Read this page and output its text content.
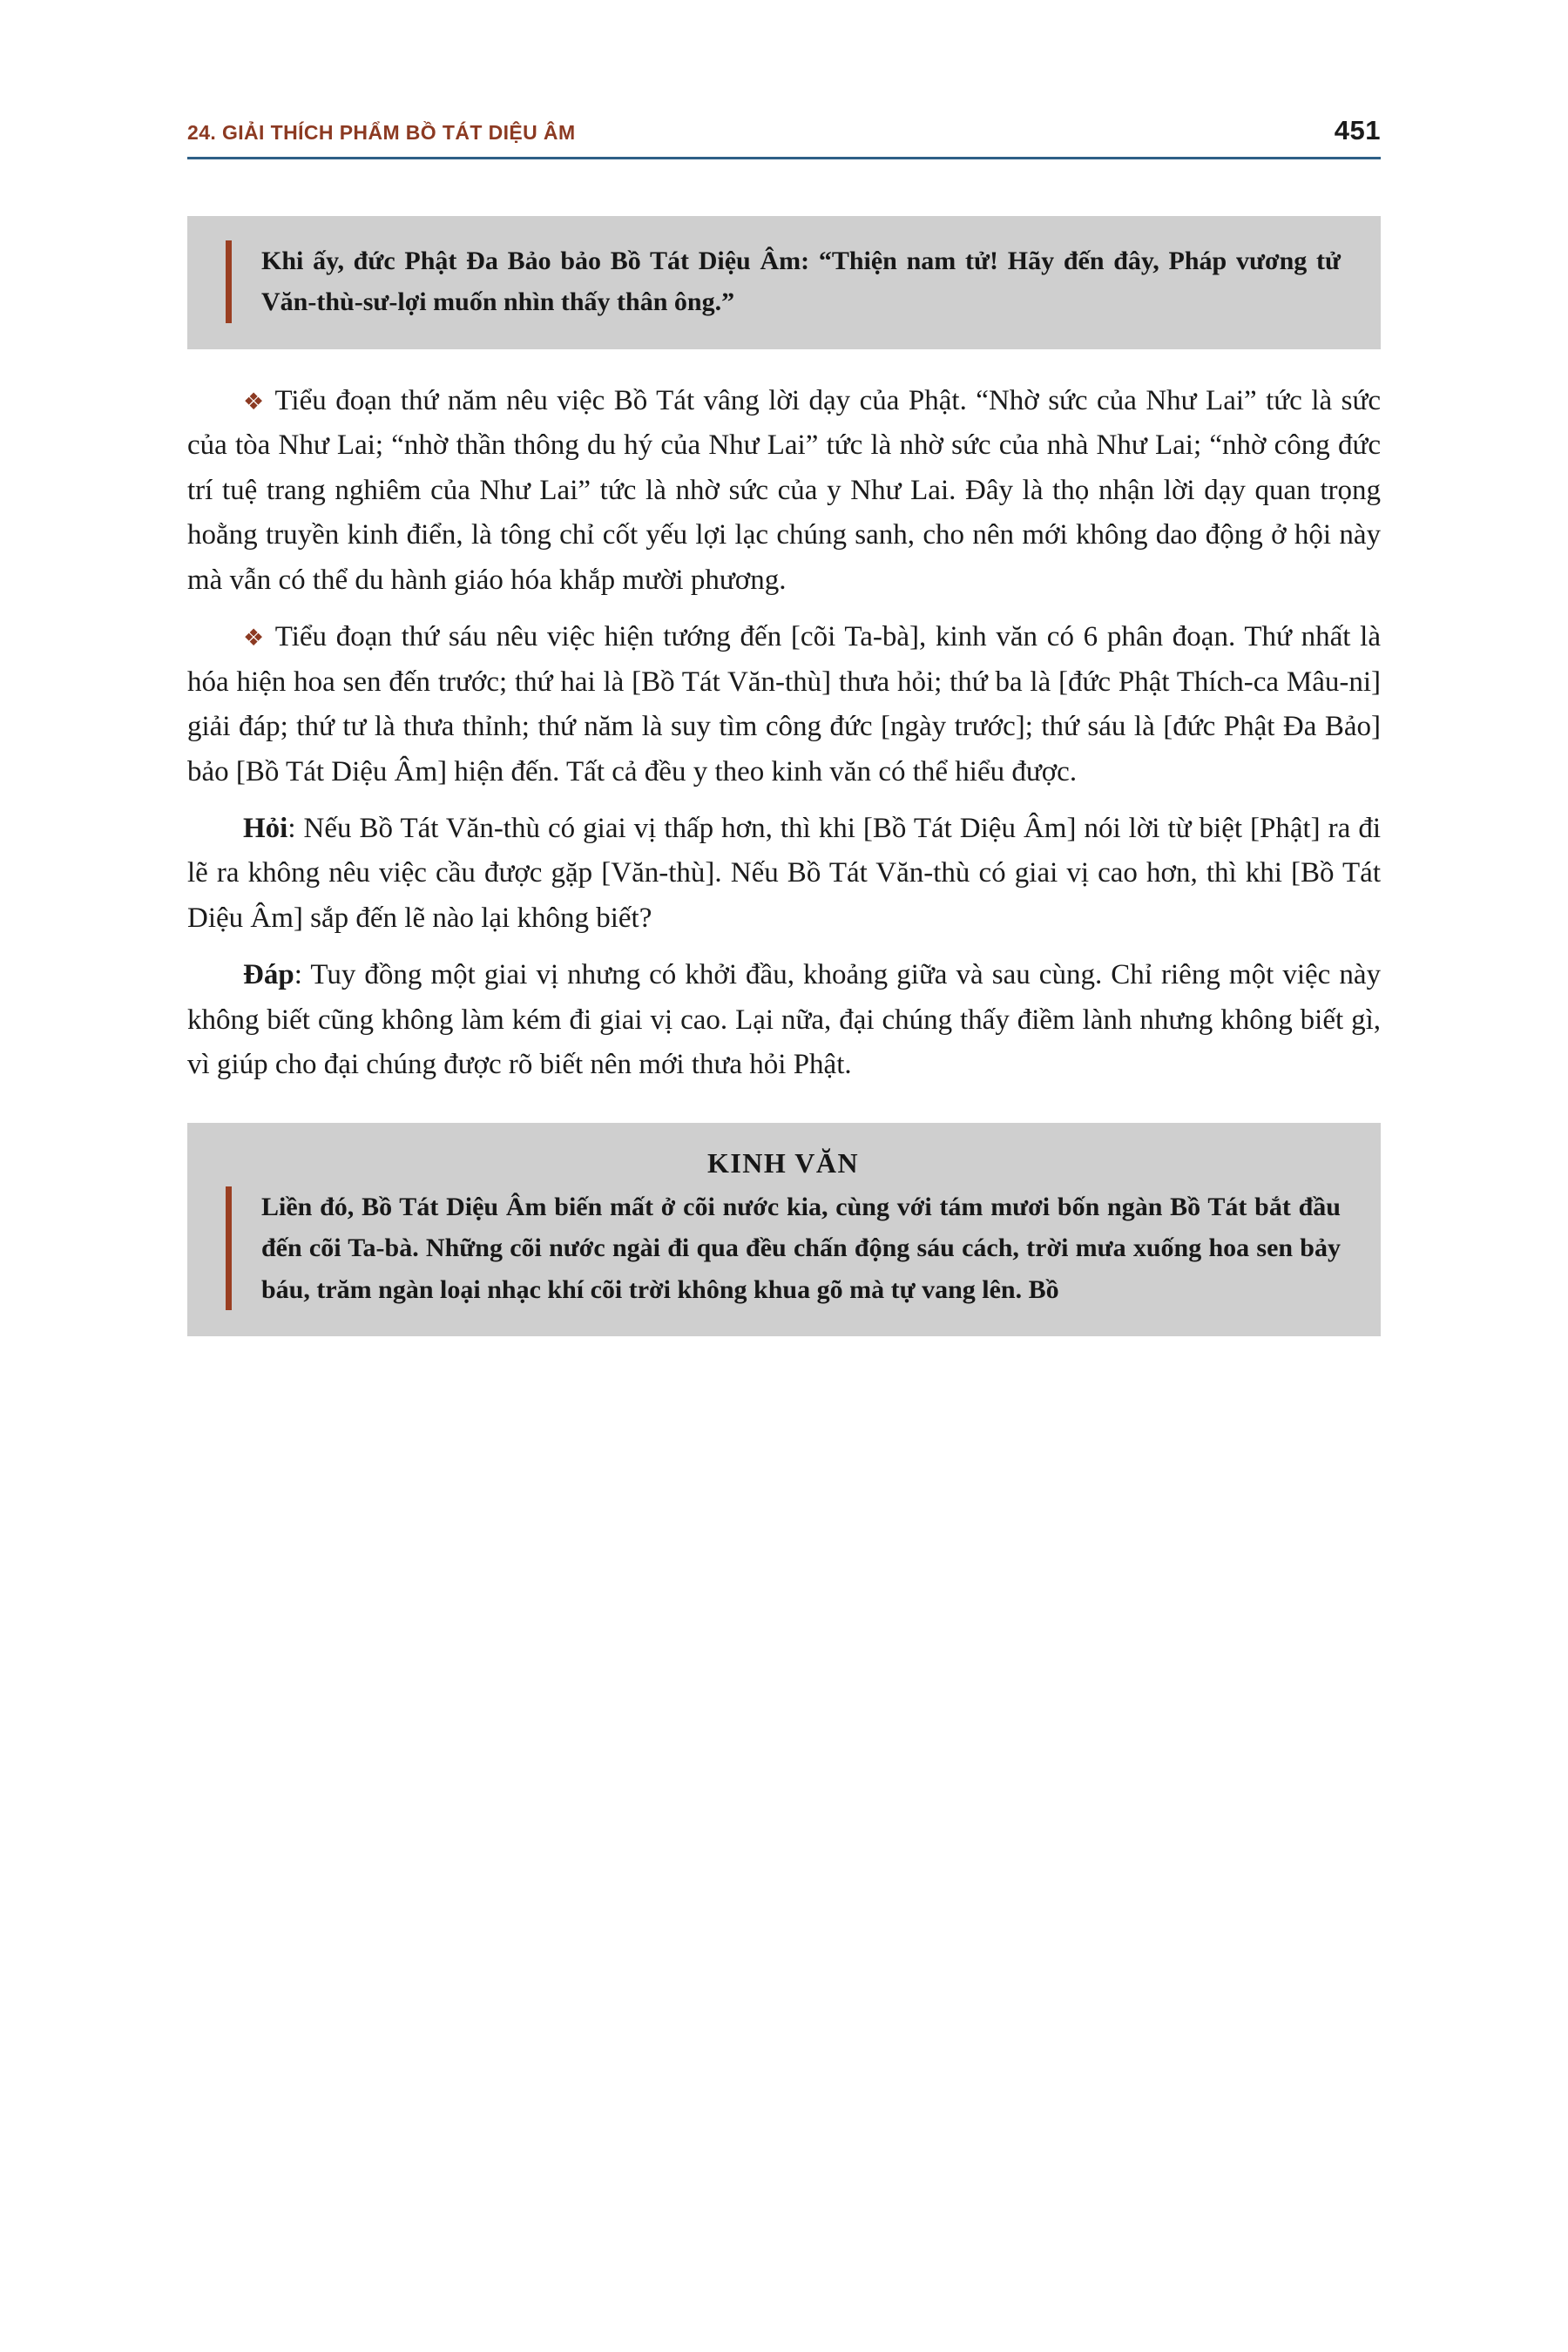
24. GIẢI THÍCH PHẨM BỒ TÁT DIỆU ÂM	451
Khi ấy, đức Phật Đa Bảo bảo Bồ Tát Diệu Âm: “Thiện nam tử! Hãy đến đây, Pháp vương tử Văn-thù-sư-lợi muốn nhìn thấy thân ông.”

❖ Tiểu đoạn thứ năm nêu việc Bồ Tát vâng lời dạy của Phật. “Nhờ sức của Như Lai” tức là sức của tòa Như Lai; “nhờ thần thông du hý của Như Lai” tức là nhờ sức của nhà Như Lai; “nhờ công đức trí tuệ trang nghiêm của Như Lai” tức là nhờ sức của y Như Lai. Đây là thọ nhận lời dạy quan trọng hoằng truyền kinh điển, là tông chỉ cốt yếu lợi lạc chúng sanh, cho nên mới không dao động ở hội này mà vẫn có thể du hành giáo hóa khắp mười phương.

❖ Tiểu đoạn thứ sáu nêu việc hiện tướng đến [cõi Ta-bà], kinh văn có 6 phân đoạn. Thứ nhất là hóa hiện hoa sen đến trước; thứ hai là [Bồ Tát Văn-thù] thưa hỏi; thứ ba là [đức Phật Thích-ca Mâu-ni] giải đáp; thứ tư là thưa thỉnh; thứ năm là suy tìm công đức [ngày trước]; thứ sáu là [đức Phật Đa Bảo] bảo [Bồ Tát Diệu Âm] hiện đến. Tất cả đều y theo kinh văn có thể hiểu được.

Hỏi: Nếu Bồ Tát Văn-thù có giai vị thấp hơn, thì khi [Bồ Tát Diệu Âm] nói lời từ biệt [Phật] ra đi lẽ ra không nêu việc cầu được gặp [Văn-thù]. Nếu Bồ Tát Văn-thù có giai vị cao hơn, thì khi [Bồ Tát Diệu Âm] sắp đến lẽ nào lại không biết?

Đáp: Tuy đồng một giai vị nhưng có khởi đầu, khoảng giữa và sau cùng. Chỉ riêng một việc này không biết cũng không làm kém đi giai vị cao. Lại nữa, đại chúng thấy điềm lành nhưng không biết gì, vì giúp cho đại chúng được rõ biết nên mới thưa hỏi Phật.

KINH VĂN
Liền đó, Bồ Tát Diệu Âm biến mất ở cõi nước kia, cùng với tám mươi bốn ngàn Bồ Tát bắt đầu đến cõi Ta-bà. Những cõi nước ngài đi qua đều chấn động sáu cách, trời mưa xuống hoa sen bảy báu, trăm ngàn loại nhạc khí cõi trời không khua gõ mà tự vang lên. Bồ
